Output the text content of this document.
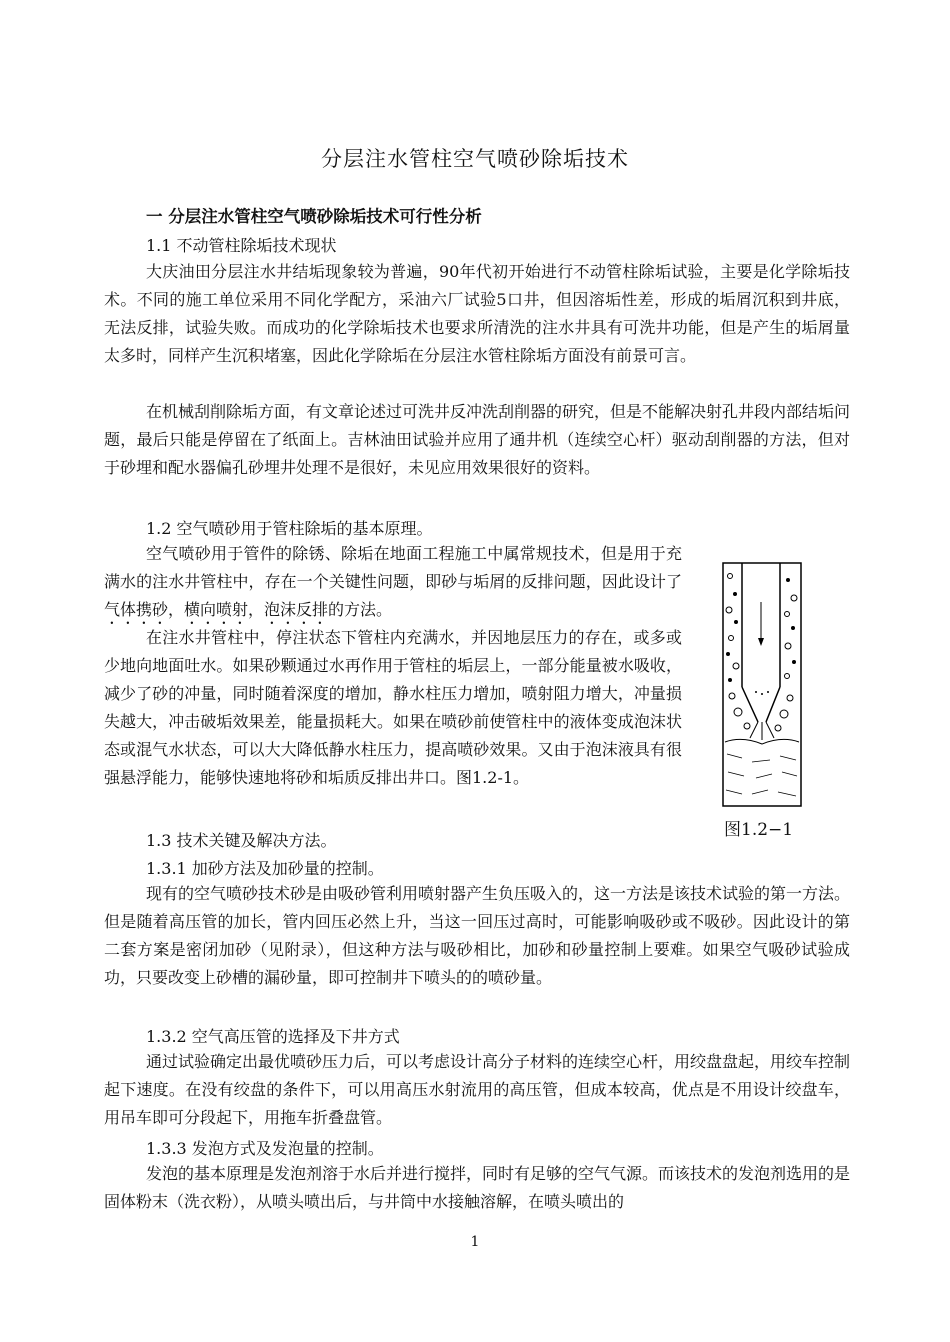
分层注水管柱空气喷砂除垢技术
一 分层注水管柱空气喷砂除垢技术可行性分析
1.1 不动管柱除垢技术现状

大庆油田分层注水井结垢现象较为普遍，90年代初开始进行不动管柱除垢试验，主要是化学除垢技术。不同的施工单位采用不同化学配方，采油六厂试验5口井，但因溶垢性差，形成的垢屑沉积到井底，无法反排，试验失败。而成功的化学除垢技术也要求所清洗的注水井具有可洗井功能，但是产生的垢屑量太多时，同样产生沉积堵塞，因此化学除垢在分层注水管柱除垢方面没有前景可言。

在机械刮削除垢方面，有文章论述过可洗井反冲洗刮削器的研究，但是不能解决射孔井段内部结垢问题，最后只能是停留在了纸面上。吉林油田试验并应用了通井机（连续空心杆）驱动刮削器的方法，但对于砂埋和配水器偏孔砂埋井处理不是很好，未见应用效果很好的资料。

1.2 空气喷砂用于管柱除垢的基本原理。

空气喷砂用于管件的除锈、除垢在地面工程施工中属常规技术，但是用于充满水的注水井管柱中，存在一个关键性问题，即砂与垢屑的反排问题，因此设计了气体携砂，横向喷射，泡沫反排的方法。

在注水井管柱中，停注状态下管柱内充满水，并因地层压力的存在，或多或少地向地面吐水。如果砂颗通过水再作用于管柱的垢层上，一部分能量被水吸收，减少了砂的冲量，同时随着深度的增加，静水柱压力增加，喷射阻力增大，冲量损失越大，冲击破垢效果差，能量损耗大。如果在喷砂前使管柱中的液体变成泡沫状态或混气水状态，可以大大降低静水柱压力，提高喷砂效果。又由于泡沫液具有很强悬浮能力，能够快速地将砂和垢质反排出井口。图1.2-1。

图1.2−1
1.3 技术关键及解决方法。
1.3.1 加砂方法及加砂量的控制。

现有的空气喷砂技术砂是由吸砂管利用喷射器产生负压吸入的，这一方法是该技术试验的第一方法。但是随着高压管的加长，管内回压必然上升，当这一回压过高时，可能影响吸砂或不吸砂。因此设计的第二套方案是密闭加砂（见附录），但这种方法与吸砂相比，加砂和砂量控制上要难。如果空气吸砂试验成功，只要改变上砂槽的漏砂量，即可控制井下喷头的的喷砂量。

1.3.2 空气高压管的选择及下井方式

通过试验确定出最优喷砂压力后，可以考虑设计高分子材料的连续空心杆，用绞盘盘起，用绞车控制起下速度。在没有绞盘的条件下，可以用高压水射流用的高压管，但成本较高，优点是不用设计绞盘车，用吊车即可分段起下，用拖车折叠盘管。

1.3.3 发泡方式及发泡量的控制。

发泡的基本原理是发泡剂溶于水后并进行搅拌，同时有足够的空气气源。而该技术的发泡剂选用的是固体粉末（洗衣粉），从喷头喷出后，与井筒中水接触溶解，在喷头喷出的

1
